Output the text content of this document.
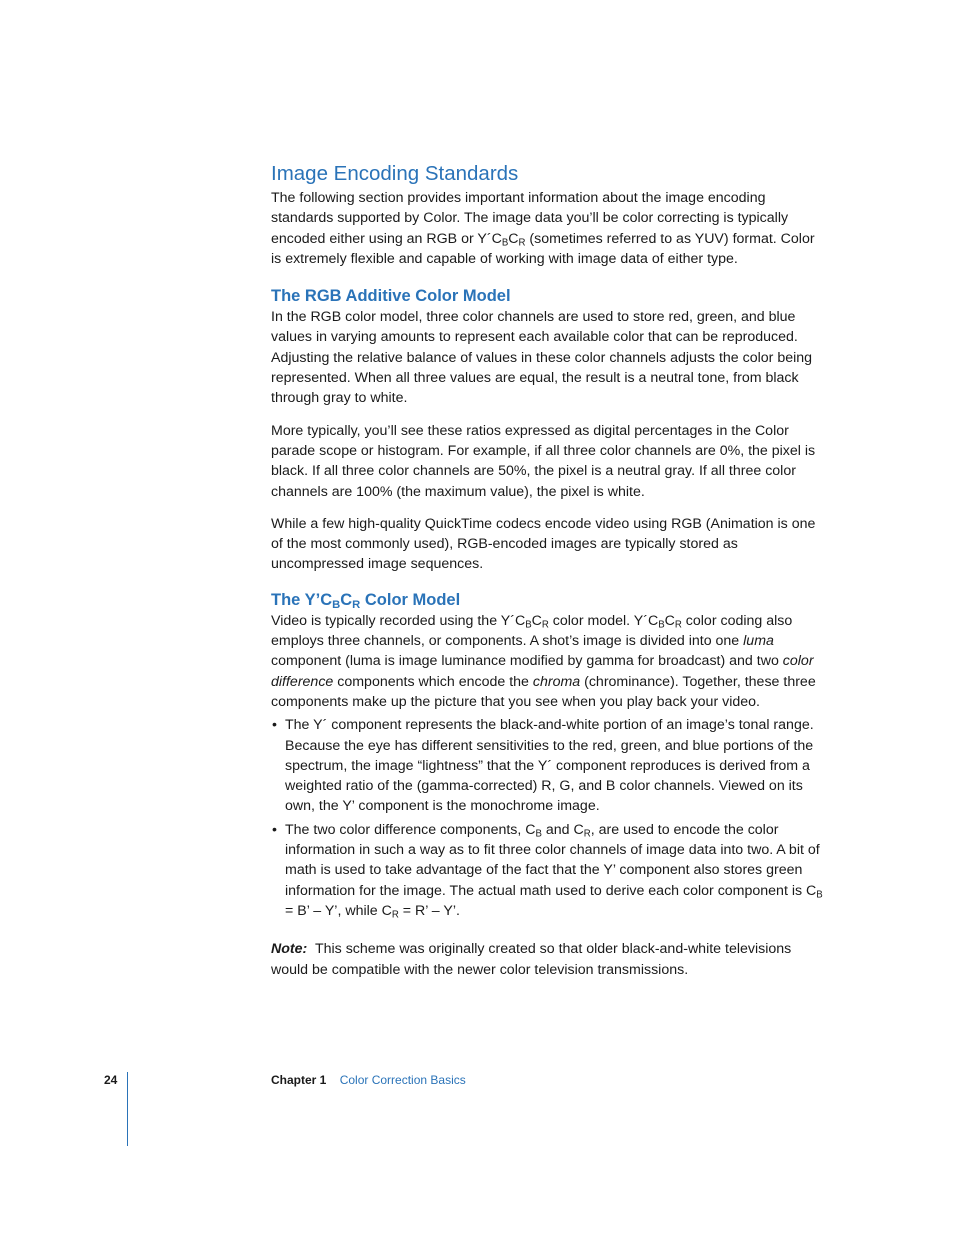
Image Encoding Standards

The following section provides important information about the image encoding standards supported by Color. The image data you’ll be color correcting is typically encoded either using an RGB or $Y´C_BC_R$ (sometimes referred to as YUV) format. Color is extremely flexible and capable of working with image data of either type.

The RGB Additive Color Model

In the RGB color model, three color channels are used to store red, green, and blue values in varying amounts to represent each available color that can be reproduced. Adjusting the relative balance of values in these color channels adjusts the color being represented. When all three values are equal, the result is a neutral tone, from black through gray to white.

More typically, you’ll see these ratios expressed as digital percentages in the Color parade scope or histogram. For example, if all three color channels are 0%, the pixel is black. If all three color channels are 50%, the pixel is a neutral gray. If all three color channels are 100% (the maximum value), the pixel is white.

While a few high-quality QuickTime codecs encode video using RGB (Animation is one of the most commonly used), RGB-encoded images are typically stored as uncompressed image sequences.

The $Y’C_BC_R$ Color Model

Video is typically recorded using the $Y´C_BC_R$ color model. $Y´C_BC_R$ color coding also employs three channels, or components. A shot’s image is divided into one luma component (luma is image luminance modified by gamma for broadcast) and two color difference components which encode the chroma (chrominance). Together, these three components make up the picture that you see when you play back your video.

• The Y´ component represents the black-and-white portion of an image’s tonal range. Because the eye has different sensitivities to the red, green, and blue portions of the spectrum, the image “lightness” that the Y´ component reproduces is derived from a weighted ratio of the (gamma-corrected) R, G, and B color channels. Viewed on its own, the Y’ component is the monochrome image.
• The two color difference components, $C_B$ and $C_R$, are used to encode the color information in such a way as to fit three color channels of image data into two. A bit of math is used to take advantage of the fact that the Y’ component also stores green information for the image. The actual math used to derive each color component is $C_B = B$’ – Y’, while $C_R = R$’ – Y’.

Note: This scheme was originally created so that older black-and-white televisions would be compatible with the newer color television transmissions.

24	Chapter 1 Color Correction Basics
